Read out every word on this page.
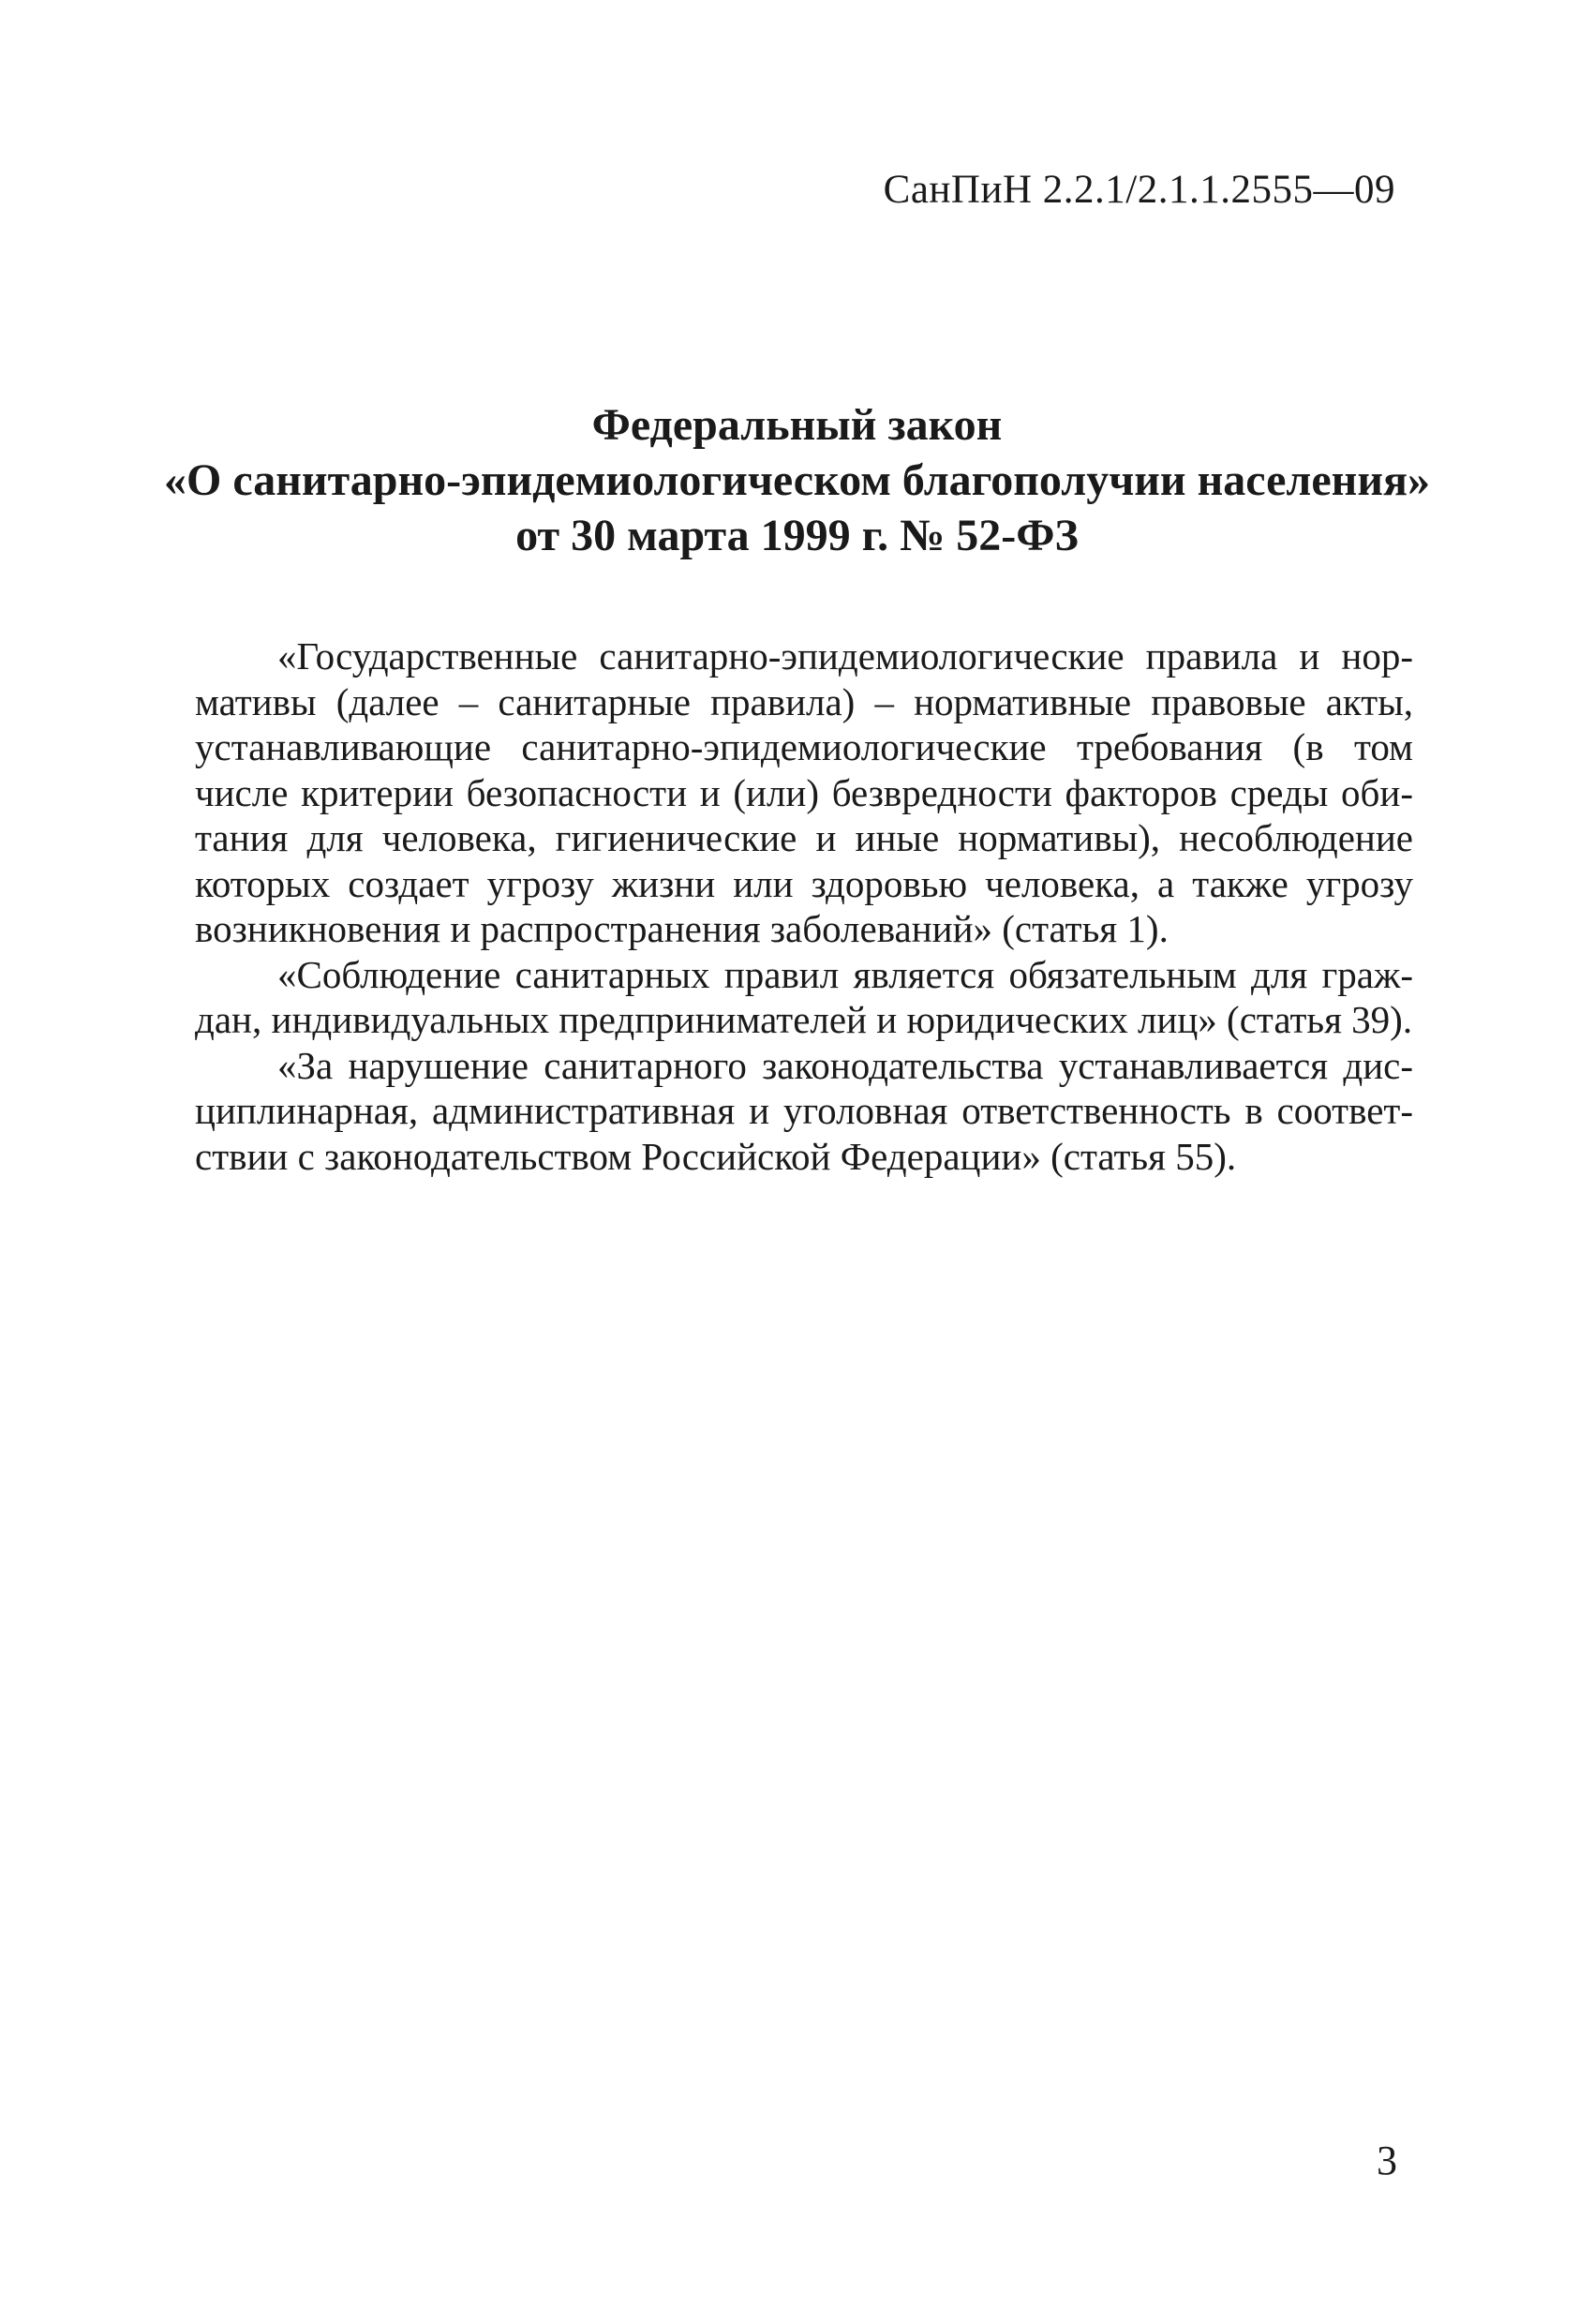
СанПиН 2.2.1/2.1.1.2555—09
Федеральный закон
«О санитарно-эпидемиологическом благополучии населения»
от 30 марта 1999 г. № 52-ФЗ
«Государственные санитарно-эпидемиологические правила и нор-
мативы (далее – санитарные правила) – нормативные правовые акты,
устанавливающие санитарно-эпидемиологические требования (в том
числе критерии безопасности и (или) безвредности факторов среды оби-
тания для человека, гигиенические и иные нормативы), несоблюдение
которых создает угрозу жизни или здоровью человека, а также угрозу
возникновения и распространения заболеваний» (статья 1).
«Соблюдение санитарных правил является обязательным для граж-
дан, индивидуальных предпринимателей и юридических лиц» (статья 39).
«За нарушение санитарного законодательства устанавливается дис-
циплинарная, административная и уголовная ответственность в соответ-
ствии с законодательством Российской Федерации» (статья 55).
3
